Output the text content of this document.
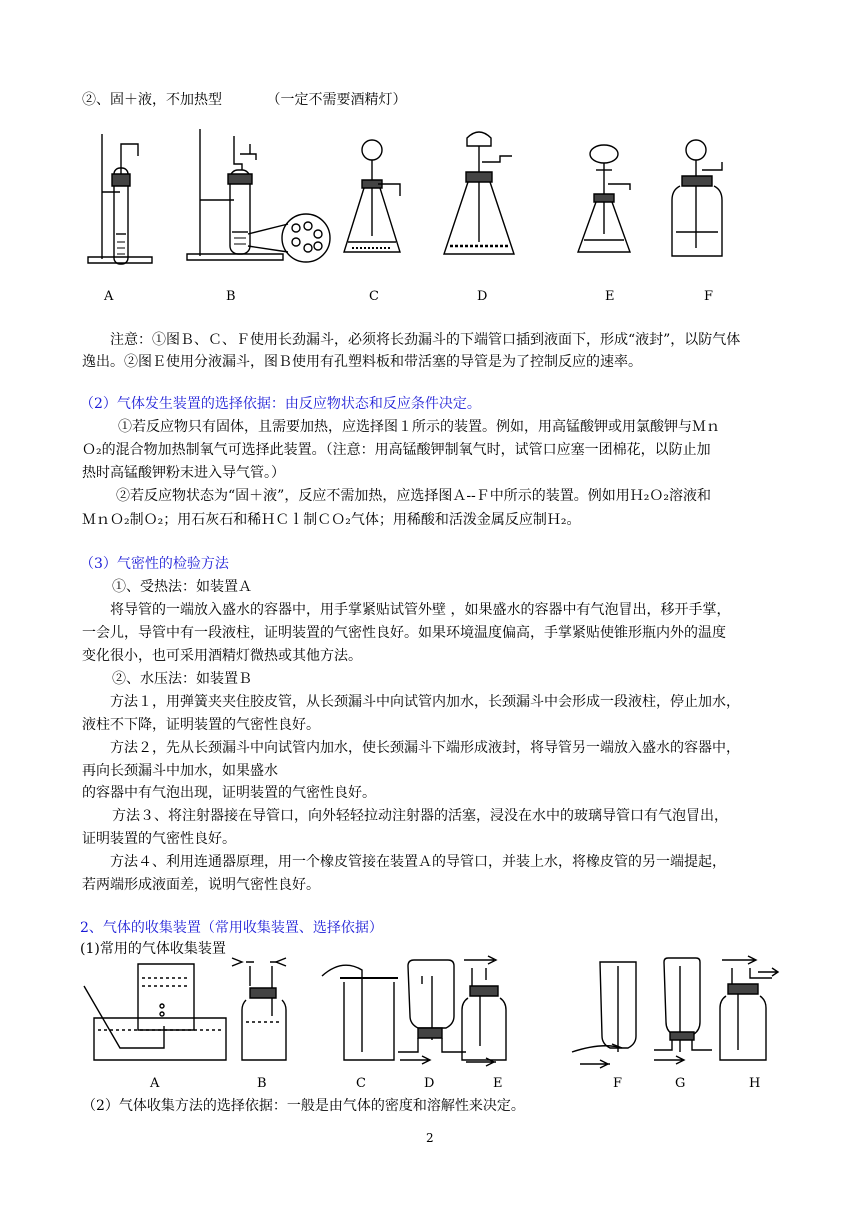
②、固＋液，不加热型	（一定不需要酒精灯）
A	B	C	D	E	F
注意：①图Ｂ、Ｃ、Ｆ使用长劲漏斗，必须将长劲漏斗的下端管口插到液面下，形成“液封”，以防气体
逸出。②图Ｅ使用分液漏斗，图Ｂ使用有孔塑料板和带活塞的导管是为了控制反应的速率。
（2）气体发生装置的选择依据：由反应物状态和反应条件决定。
①若反应物只有固体，且需要加热，应选择图１所示的装置。例如，用高锰酸钾或用氯酸钾与Ｍｎ
Ｏ₂的混合物加热制氧气可选择此装置。（注意：用高锰酸钾制氧气时，试管口应塞一团棉花，以防止加
热时高锰酸钾粉末进入导气管。）
②若反应物状态为“固＋液”，反应不需加热，应选择图Ａ--Ｆ中所示的装置。例如用Ｈ₂Ｏ₂溶液和
ＭｎＯ₂制Ｏ₂；用石灰石和稀ＨＣｌ制ＣＯ₂气体；用稀酸和活泼金属反应制Ｈ₂。
（3）气密性的检验方法
①、受热法：如装置Ａ
将导管的一端放入盛水的容器中，用手掌紧贴试管外壁 ，如果盛水的容器中有气泡冒出，移开手掌，
一会儿，导管中有一段液柱，证明装置的气密性良好。如果环境温度偏高，手掌紧贴使锥形瓶内外的温度
变化很小，也可采用酒精灯微热或其他方法。
②、水压法：如装置Ｂ
方法１，用弹簧夹夹住胶皮管，从长颈漏斗中向试管内加水，长颈漏斗中会形成一段液柱，停止加水，
液柱不下降，证明装置的气密性良好。
方法２，先从长颈漏斗中向试管内加水，使长颈漏斗下端形成液封，将导管另一端放入盛水的容器中，
再向长颈漏斗中加水，如果盛水
的容器中有气泡出现，证明装置的气密性良好。
方法３、将注射器接在导管口，向外轻轻拉动注射器的活塞，浸没在水中的玻璃导管口有气泡冒出，
证明装置的气密性良好。
方法４、利用连通器原理，用一个橡皮管接在装置Ａ的导管口，并装上水，将橡皮管的另一端提起，
若两端形成液面差，说明气密性良好。
2、气体的收集装置（常用收集装置、选择依据）
(1)常用的气体收集装置
A	B	C	D	E	F	G	H
（2）气体收集方法的选择依据：一般是由气体的密度和溶解性来决定。
2
